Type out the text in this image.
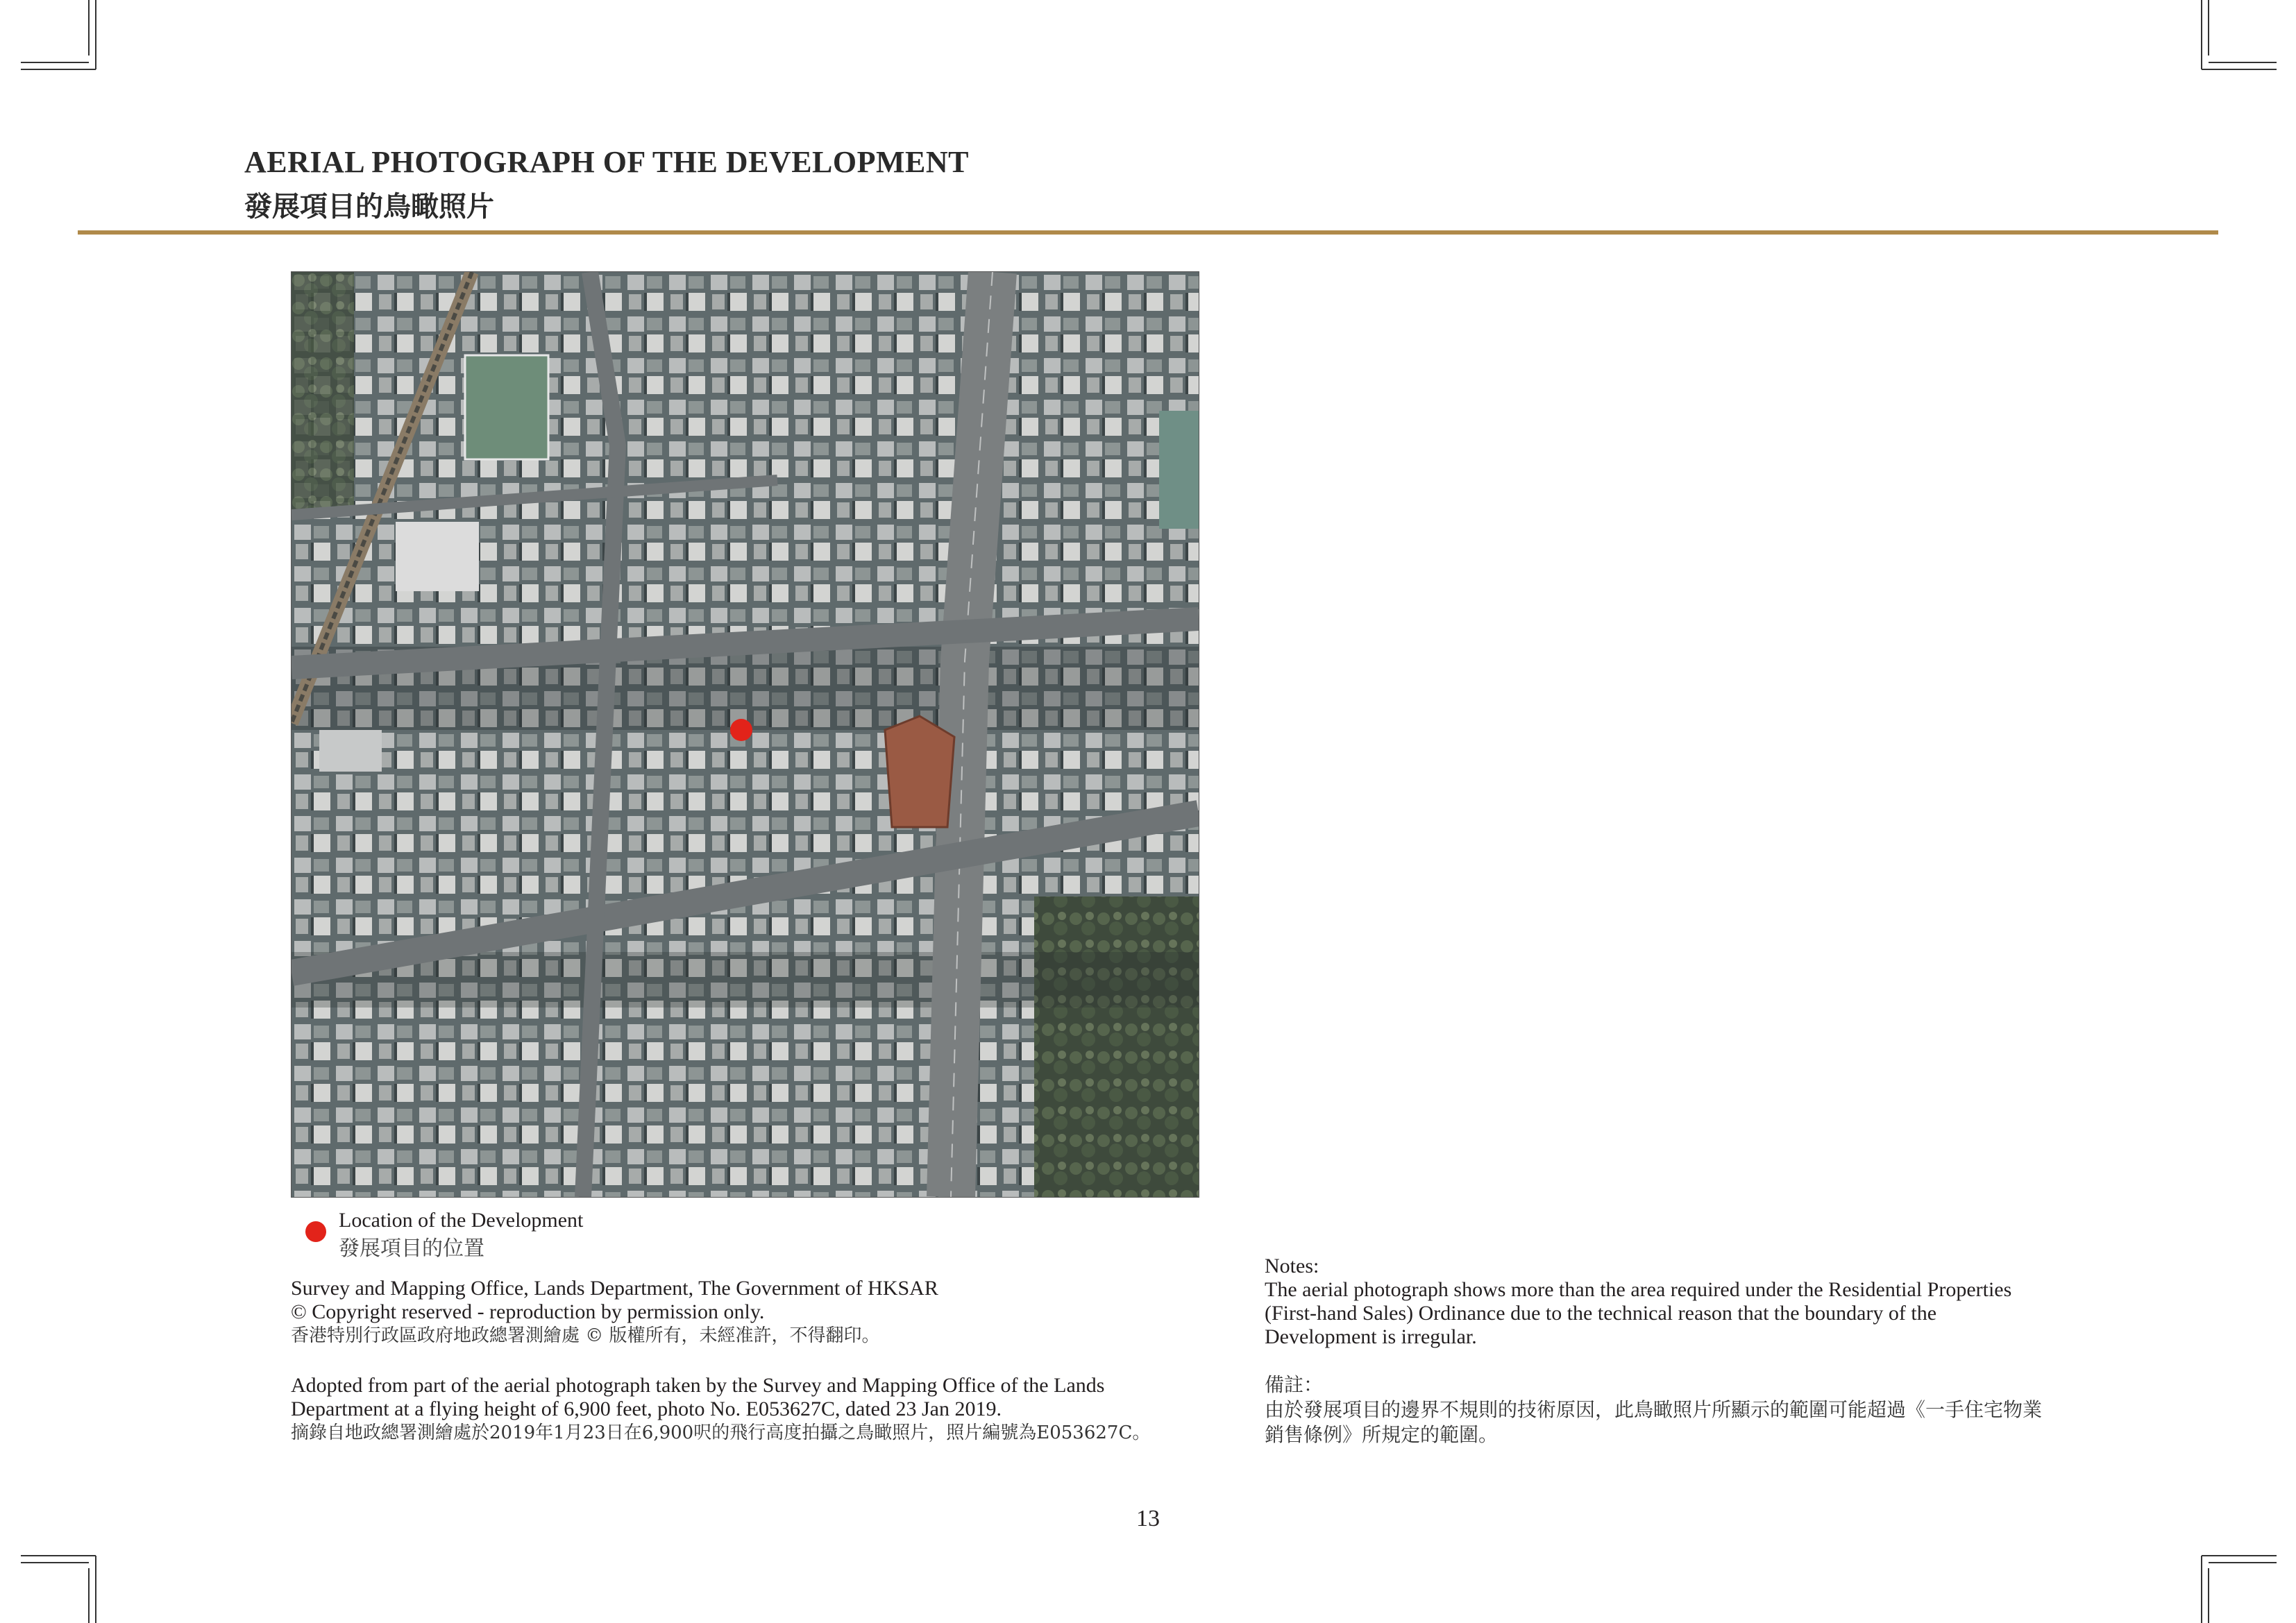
AERIAL PHOTOGRAPH OF THE DEVELOPMENT
發展項目的鳥瞰照片
Location of the Development
發展項目的位置
Survey and Mapping Office, Lands Department, The Government of HKSAR
© Copyright reserved - reproduction by permission only.
香港特別行政區政府地政總署測繪處 © 版權所有，未經准許，不得翻印。
Adopted from part of the aerial photograph taken by the Survey and Mapping Office of the Lands
Department at a flying height of 6,900 feet, photo No. E053627C, dated 23 Jan 2019.
摘錄自地政總署測繪處於2019年1月23日在6,900呎的飛行高度拍攝之鳥瞰照片，照片編號為E053627C。
Notes:
The aerial photograph shows more than the area required under the Residential Properties
(First-hand Sales) Ordinance due to the technical reason that the boundary of the
Development is irregular.
備註：
由於發展項目的邊界不規則的技術原因，此鳥瞰照片所顯示的範圍可能超過《一手住宅物業
銷售條例》所規定的範圍。
13
